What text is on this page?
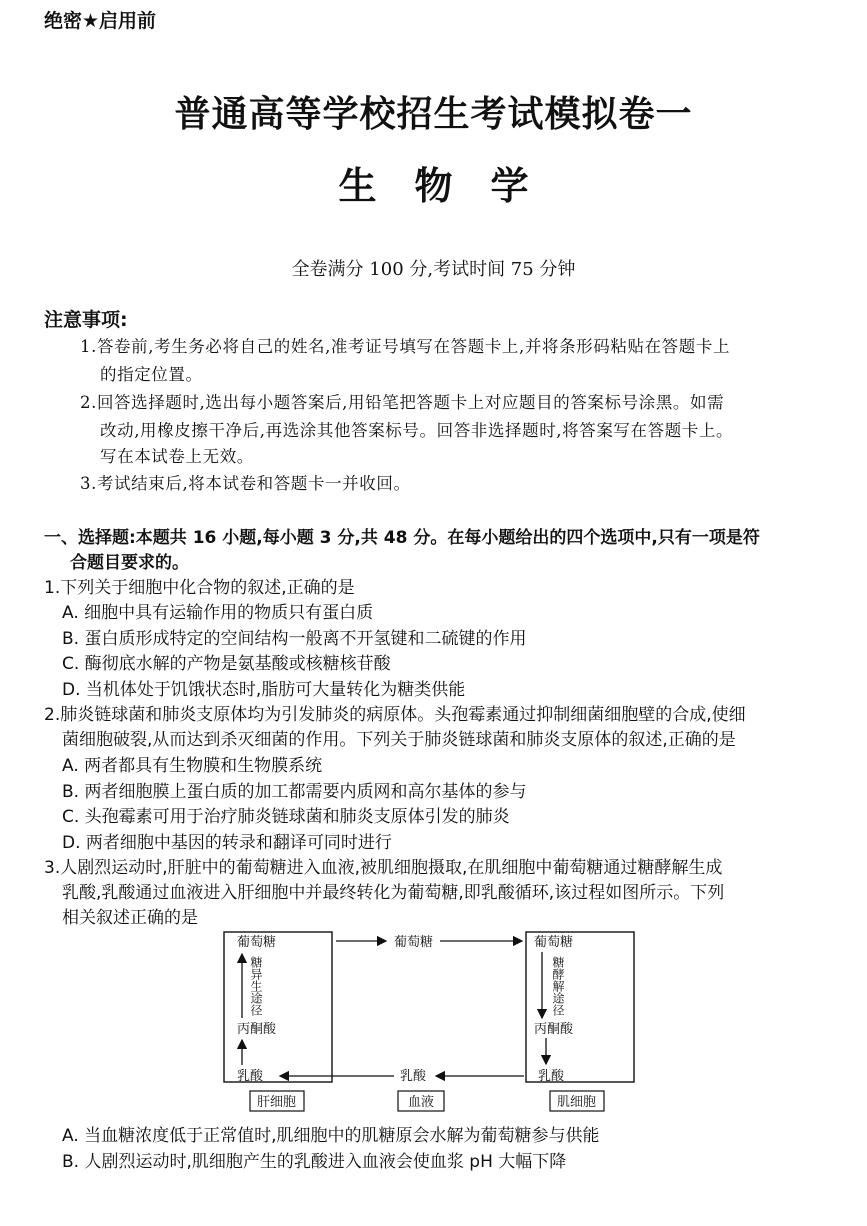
绝密★启用前
普通高等学校招生考试模拟卷一
生物学
全卷满分 100 分,考试时间 75 分钟
注意事项:
1.答卷前,考生务必将自己的姓名,准考证号填写在答题卡上,并将条形码粘贴在答题卡上
的指定位置。
2.回答选择题时,选出每小题答案后,用铅笔把答题卡上对应题目的答案标号涂黑。如需
改动,用橡皮擦干净后,再选涂其他答案标号。回答非选择题时,将答案写在答题卡上。
写在本试卷上无效。
3.考试结束后,将本试卷和答题卡一并收回。
一、选择题:本题共 16 小题,每小题 3 分,共 48 分。在每小题给出的四个选项中,只有一项是符
合题目要求的。
1.下列关于细胞中化合物的叙述,正确的是
A. 细胞中具有运输作用的物质只有蛋白质
B. 蛋白质形成特定的空间结构一般离不开氢键和二硫键的作用
C. 酶彻底水解的产物是氨基酸或核糖核苷酸
D. 当机体处于饥饿状态时,脂肪可大量转化为糖类供能
2.肺炎链球菌和肺炎支原体均为引发肺炎的病原体。头孢霉素通过抑制细菌细胞壁的合成,使细
菌细胞破裂,从而达到杀灭细菌的作用。下列关于肺炎链球菌和肺炎支原体的叙述,正确的是
A. 两者都具有生物膜和生物膜系统
B. 两者细胞膜上蛋白质的加工都需要内质网和高尔基体的参与
C. 头孢霉素可用于治疗肺炎链球菌和肺炎支原体引发的肺炎
D. 两者细胞中基因的转录和翻译可同时进行
3.人剧烈运动时,肝脏中的葡萄糖进入血液,被肌细胞摄取,在肌细胞中葡萄糖通过糖酵解生成
乳酸,乳酸通过血液进入肝细胞中并最终转化为葡萄糖,即乳酸循环,该过程如图所示。下列
相关叙述正确的是
葡萄糖
丙酮酸
乳酸
糖异生途径
葡萄糖
乳酸
葡萄糖
丙酮酸
乳酸
糖酵解途径
肝细胞	血液	肌细胞
A. 当血糖浓度低于正常值时,肌细胞中的肌糖原会水解为葡萄糖参与供能
B. 人剧烈运动时,肌细胞产生的乳酸进入血液会使血浆 pH 大幅下降
